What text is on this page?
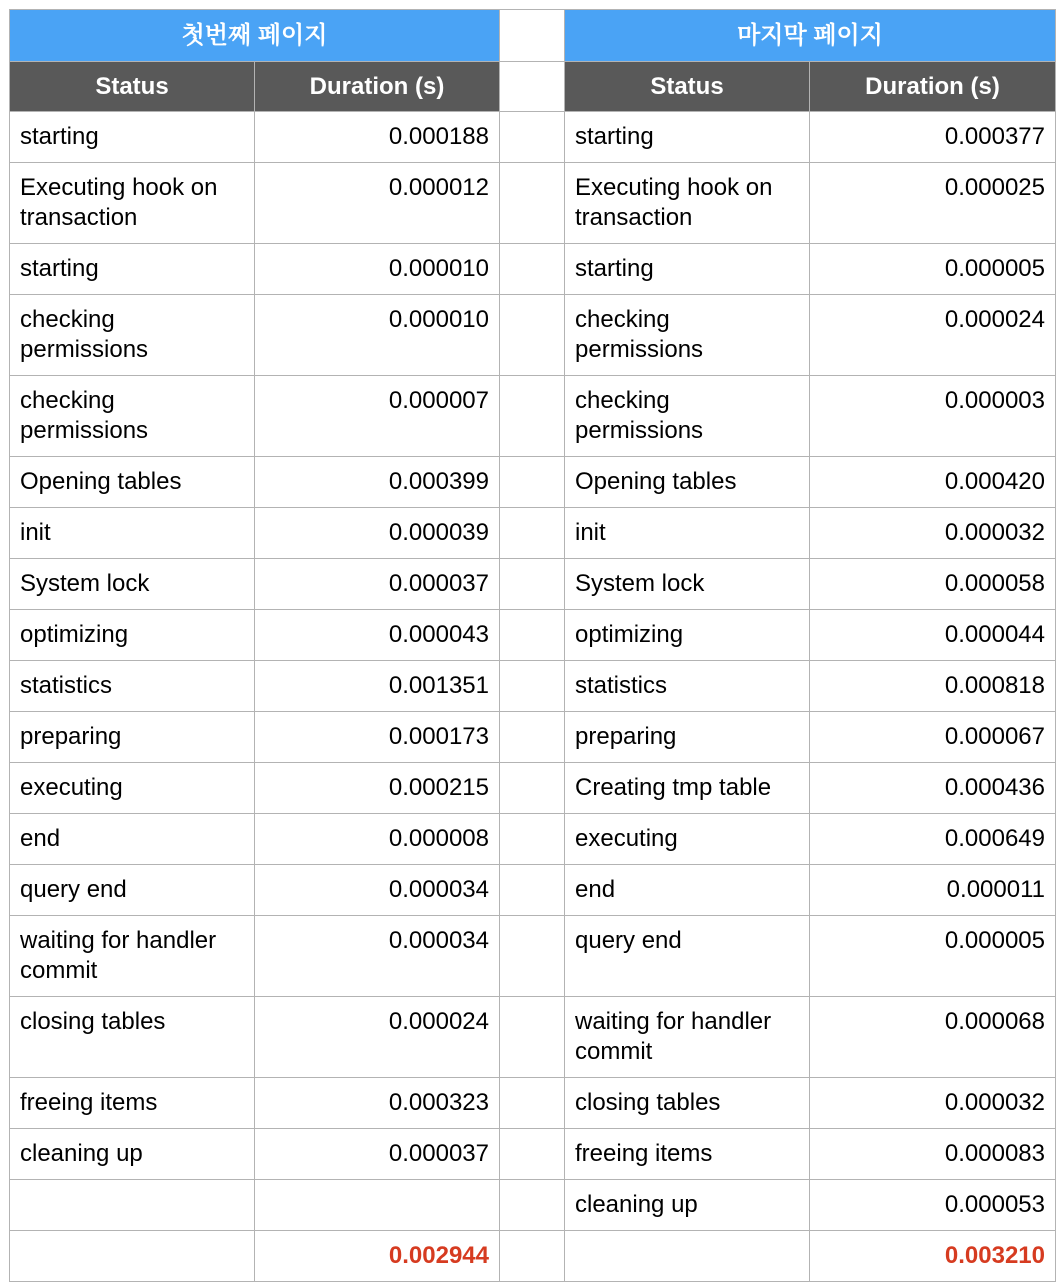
첫번째 페이지			마지막 페이지	
Status	Duration (s)		Status	Duration (s)
starting	0.000188		starting	0.000377
Executing hook on transaction	0.000012		Executing hook on transaction	0.000025
starting	0.000010		starting	0.000005
checking permissions	0.000010		checking permissions	0.000024
checking permissions	0.000007		checking permissions	0.000003
Opening tables	0.000399		Opening tables	0.000420
init	0.000039		init	0.000032
System lock	0.000037		System lock	0.000058
optimizing	0.000043		optimizing	0.000044
statistics	0.001351		statistics	0.000818
preparing	0.000173		preparing	0.000067
executing	0.000215		Creating tmp table	0.000436
end	0.000008		executing	0.000649
query end	0.000034		end	0.000011
waiting for handler commit	0.000034		query end	0.000005
closing tables	0.000024		waiting for handler commit	0.000068
freeing items	0.000323		closing tables	0.000032
cleaning up	0.000037		freeing items	0.000083
			cleaning up	0.000053
	0.002944			0.003210
